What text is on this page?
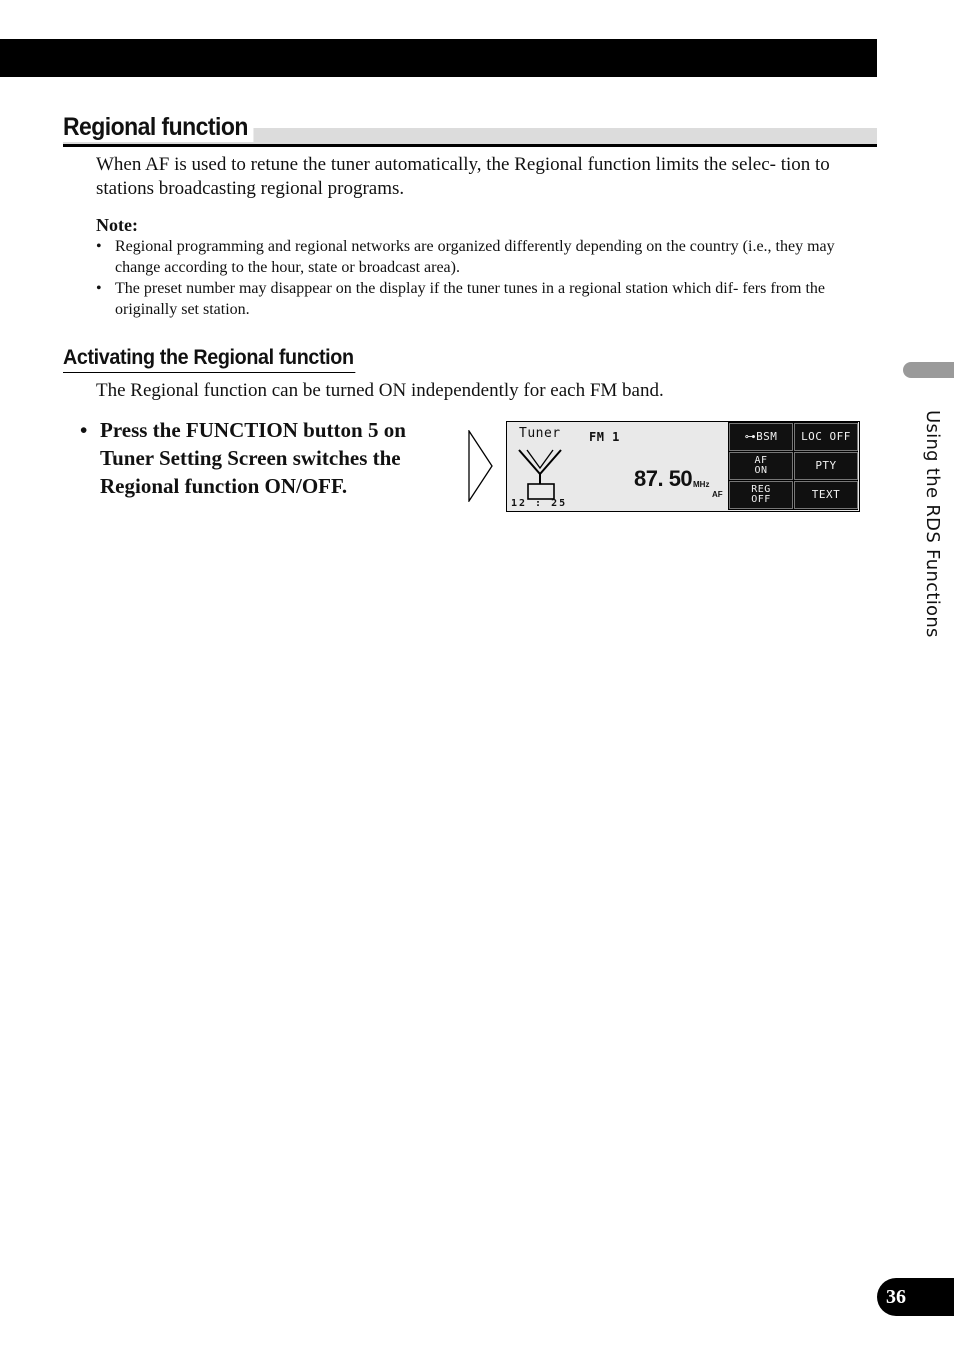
Regional function

When AF is used to retune the tuner automatically, the Regional function limits the selec- tion to stations broadcasting regional programs.

Note:

• Regional programming and regional networks are organized differently depending on the country (i.e., they may change according to the hour, state or broadcast area).
• The preset number may disappear on the display if the tuner tunes in a regional station which dif- fers from the originally set station.
Activating the Regional function

The Regional function can be turned ON independently for each FM band.

• Press the FUNCTION button 5 on Tuner Setting Screen switches the Regional function ON/OFF.

Tuner FM 1
87. 50 MHz
AF
12 : 25
⊶BSM	LOC OFF
AF
ON	PTY
REG
OFF	TEXT	Using the RDS Functions
36
